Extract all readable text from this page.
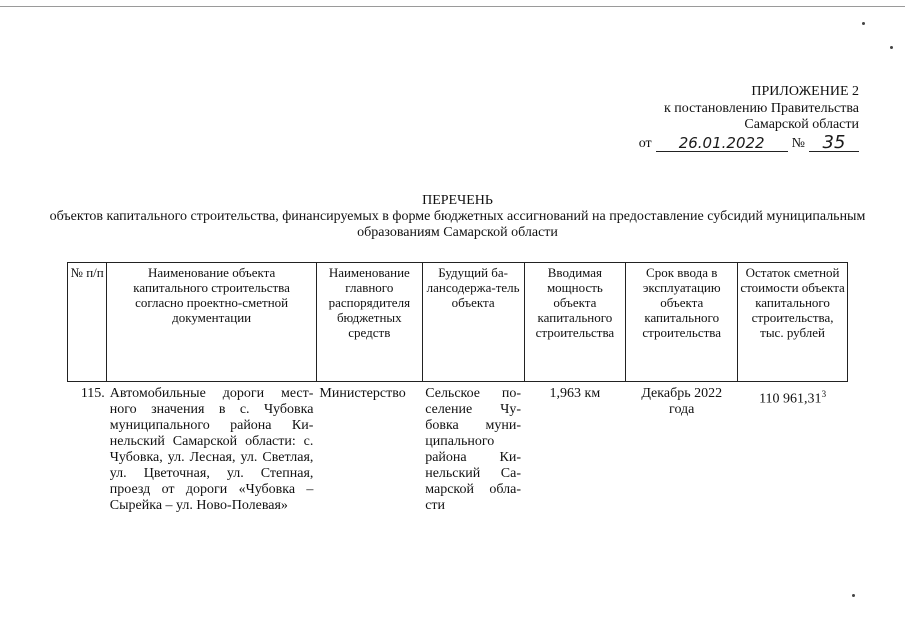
ПРИЛОЖЕНИЕ 2
к постановлению Правительства
Самарской области
от	26.01.2022	№ 35
ПЕРЕЧЕНЬ
объектов капитального строительства, финансируемых в форме бюджетных ассигнований на предоставление субсидий муниципальным образованиям Самарской области
№ п/п	Наименование объекта капитального строительства согласно проектно-сметной документации	Наименование главного распорядителя бюджетных средств	Будущий ба-лансодержа-тель объекта	Вводимая мощность объекта капитального строительства	Срок ввода в эксплуатацию объекта капитального строительства	Остаток сметной стоимости объекта капитального строительства, тыс. рублей
115.	Автомобильные дороги мест-ного значения в с. Чубовка муниципального района Ки-нельский Самарской области: с. Чубовка, ул. Лесная, ул. Светлая, ул. Цветочная, ул. Степная, проезд от дороги «Чубовка – Сырейка – ул. Ново-Полевая»	Министерство	Сельское по-селение Чу-бовка муни-ципального района Ки-нельский Са-марской обла-сти	1,963 км	Декабрь 2022 года	110 961,31$^3$
